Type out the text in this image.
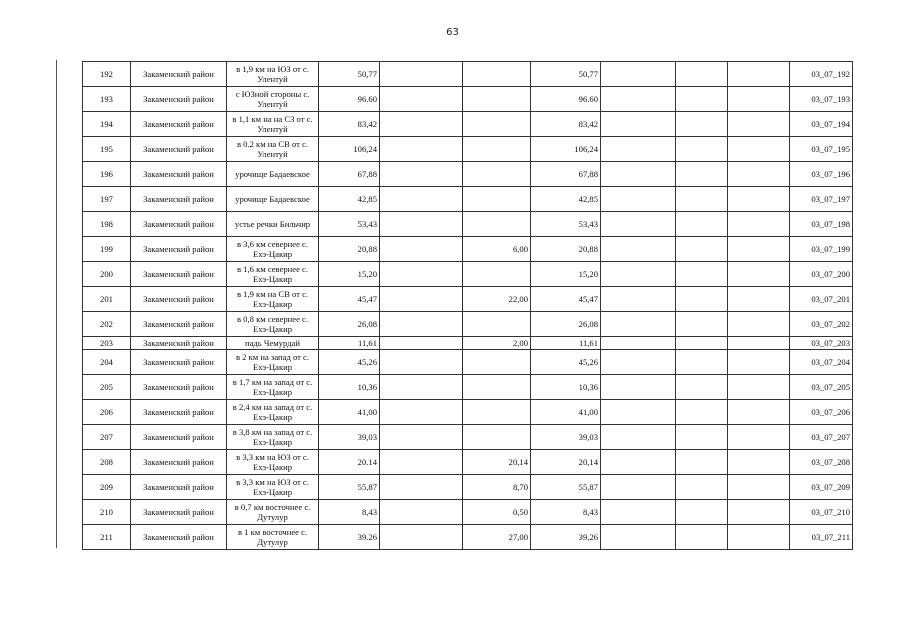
63
192	Закаменский район	в 1,9 км на ЮЗ от с. Улентуй	50,77			50,77				03_07_192
193	Закаменский район	с ЮЗной стороны с. Улентуй	96.60			96.60				03_07_193
194	Закаменский район	в 1,1 км на на СЗ от с. Улентуй	83,42			83,42				03_07_194
195	Закаменский район	в 0.2 км на СВ от с. Улентуй	106,24			106,24				03_07_195
196	Закаменский район	урочище Бадаевское	67,88			67,88				03_07_196
197	Закаменский район	урочище Бадаевское	42,85			42,85				03_07_197
198	Закаменский район	устье речки Бильчир	53,43			53,43				03_07_198
199	Закаменский район	в 3,6 км севернее с. Ехэ-Цакир	20,88		6,00	20,88				03_07_199
200	Закаменский район	в 1,6 км севернее с. Ехэ-Цакир	15,20			15,20				03_07_200
201	Закаменский район	в 1,9 км на СВ от с. Ехэ-Цакир	45,47		22,00	45,47				03_07_201
202	Закаменский район	в 0,8 км севернее с. Ехэ-Цакир	26,08			26,08				03_07_202
203	Закаменский район	падь Чемурдай	11,61		2,00	11,61				03_07_203
204	Закаменский район	в 2 км на запад от с. Ехэ-Цакир	45,26			45,26				03_07_204
205	Закаменский район	в 1,7 км на запад от с. Ехэ-Цакир	10,36			10,36				03_07_205
206	Закаменский район	в 2,4 км на запад от с. Ехэ-Цакир	41,00			41,00				03_07_206
207	Закаменский район	в 3,8 км на запад от с. Ехэ-Цакир	39,03			39,03				03_07_207
208	Закаменский район	в 3,3 км на ЮЗ от с. Ехэ-Цакир	20.14		20,14	20,14				03_07_208
209	Закаменский район	в 3,3 км на ЮЗ от с. Ехэ-Цакир	55,87		8,70	55,87				03_07_209
210	Закаменский район	в 0,7 км восточнее с. Дутулур	8,43		0,50	8,43				03_07_210
211	Закаменский район	в 1 км восточнее с. Дутулур	39.26		27,00	39,26				03_07_211
